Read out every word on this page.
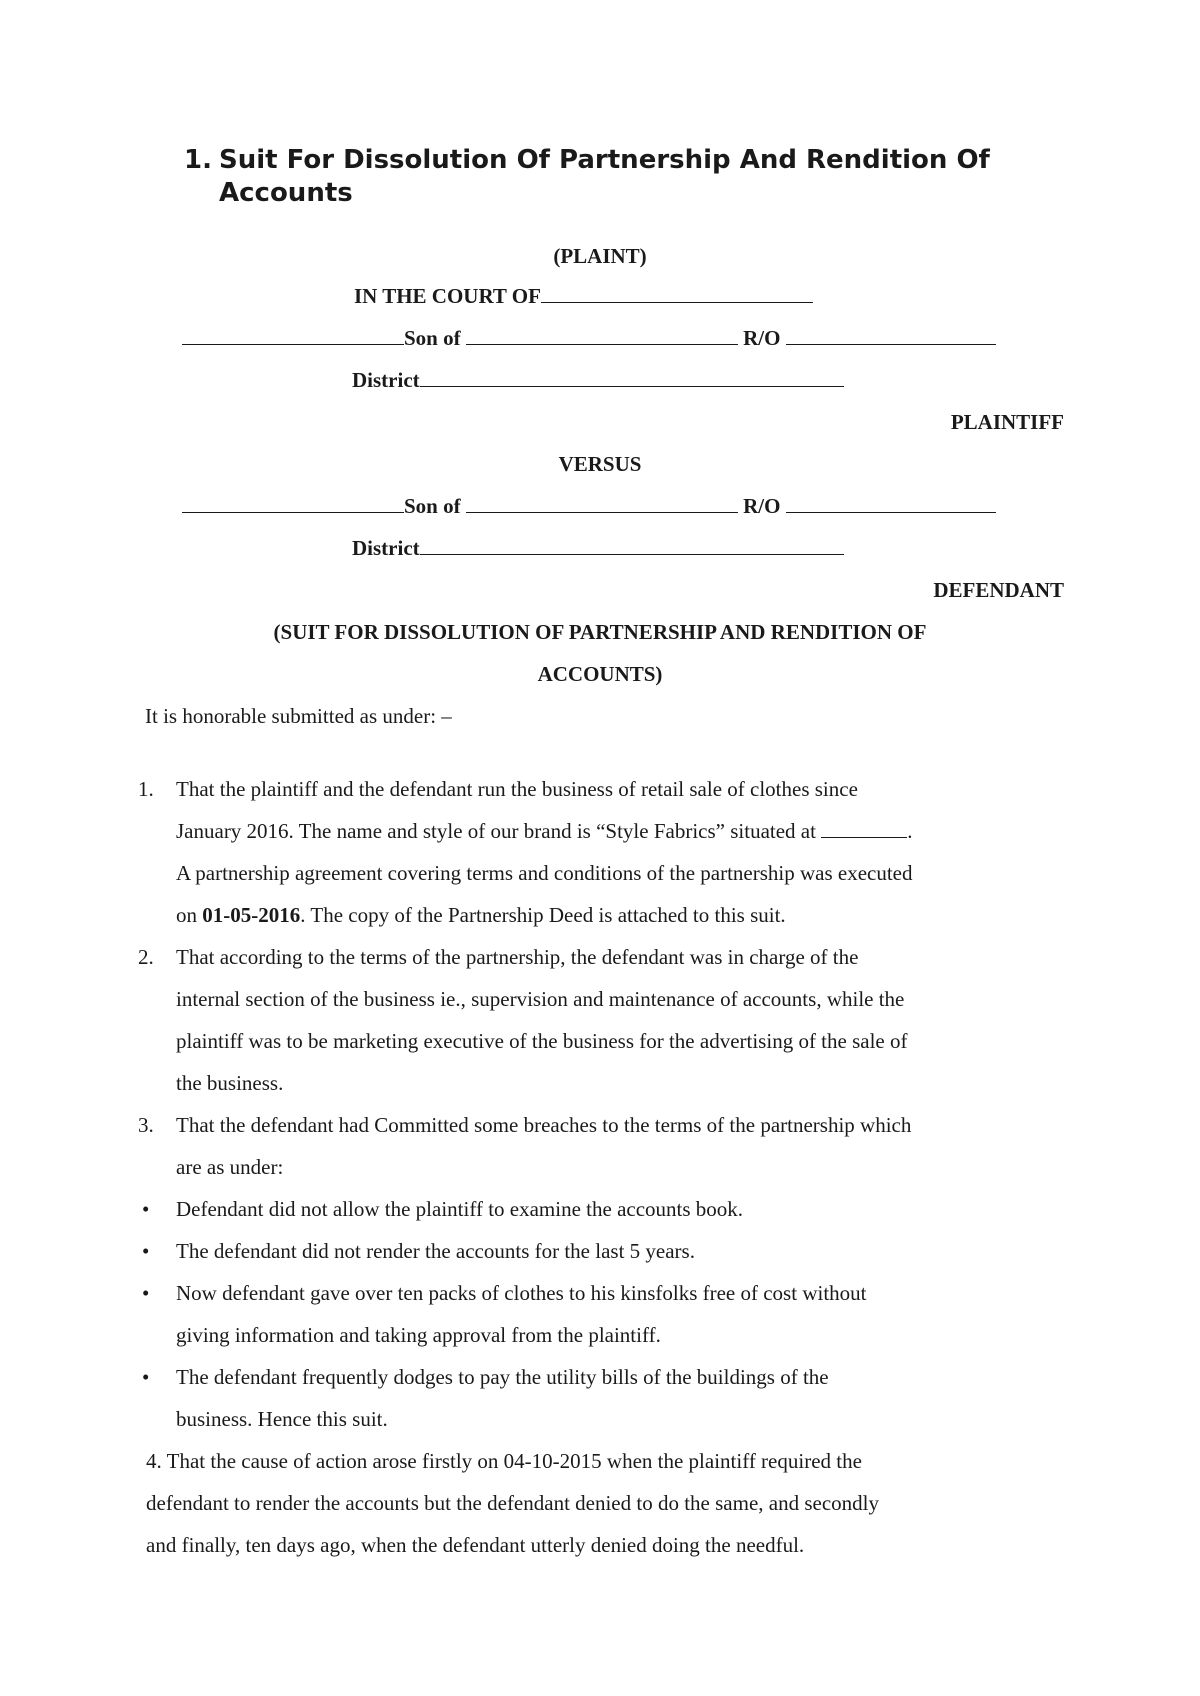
1. Suit For Dissolution Of Partnership And Rendition Of Accounts
(PLAINT)
IN THE COURT OF
Son of	R/O
District
PLAINTIFF
VERSUS
Son of	R/O
District
DEFENDANT
(SUIT FOR DISSOLUTION OF PARTNERSHIP AND RENDITION OF
ACCOUNTS)
It is honorable submitted as under: –
1. That the plaintiff and the defendant run the business of retail sale of clothes since
January 2016. The name and style of our brand is “Style Fabrics” situated at	.
A partnership agreement covering terms and conditions of the partnership was executed
on 01-05-2016. The copy of the Partnership Deed is attached to this suit.
2. That according to the terms of the partnership, the defendant was in charge of the
internal section of the business ie., supervision and maintenance of accounts, while the
plaintiff was to be marketing executive of the business for the advertising of the sale of
the business.
3. That the defendant had Committed some breaches to the terms of the partnership which
are as under:
• Defendant did not allow the plaintiff to examine the accounts book.
• The defendant did not render the accounts for the last 5 years.
• Now defendant gave over ten packs of clothes to his kinsfolks free of cost without
giving information and taking approval from the plaintiff.
• The defendant frequently dodges to pay the utility bills of the buildings of the
business. Hence this suit.
4. That the cause of action arose firstly on 04-10-2015 when the plaintiff required the
defendant to render the accounts but the defendant denied to do the same, and secondly
and finally, ten days ago, when the defendant utterly denied doing the needful.
